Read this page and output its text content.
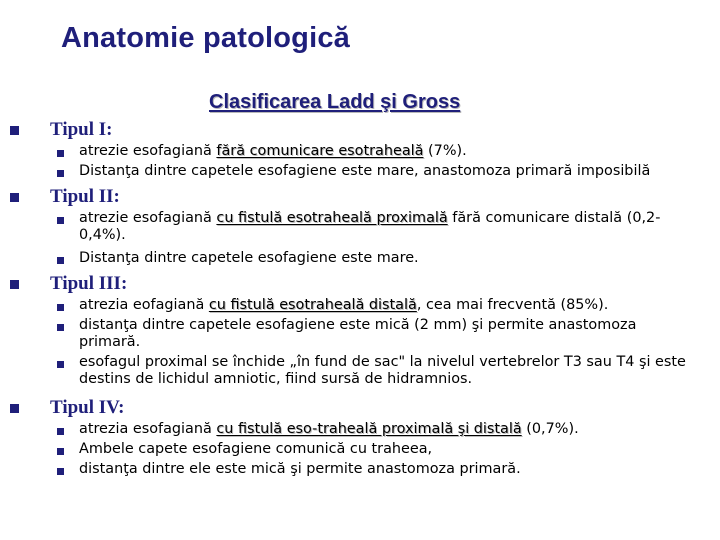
Anatomie patologică
Clasificarea Ladd şi Gross
Tipul I:
atrezie esofagiană fără comunicare esotraheală (7%).
Distanţa dintre capetele esofagiene este mare, anastomoza primară imposibilă
Tipul II:
atrezie esofagiană cu fistulă esotraheală proximală fără comunicare distală (0,2-0,4%).
Distanţa dintre capetele esofagiene este mare.
Tipul III:
atrezia eofagiană cu fistulă esotraheală distală, cea mai frecventă (85%).
distanţa dintre capetele esofagiene este mică (2 mm) şi permite anastomoza primară.
esofagul proximal se închide „în fund de sac" la nivelul vertebrelor T3 sau T4 şi este destins de lichidul amniotic, fiind sursă de hidramnios.
Tipul IV:
atrezia esofagiană cu fistulă eso-traheală proximală şi distală (0,7%).
Ambele capete esofagiene comunică cu traheea,
distanţa dintre ele este mică şi permite anastomoza primară.
